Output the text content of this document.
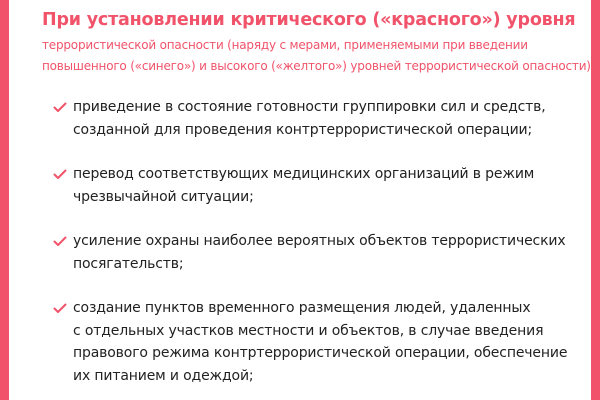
При установлении критического («красного») уровня
террористической опасности (наряду с мерами, применяемыми при введении
повышенного («синего») и высокого («желтого») уровней террористической опасности):
приведение в состояние готовности группировки сил и средств,
созданной для проведения контртеррористической операции;
перевод соответствующих медицинских организаций в режим
чрезвычайной ситуации;
усиление охраны наиболее вероятных объектов террористических
посягательств;
создание пунктов временного размещения людей, удаленных
с отдельных участков местности и объектов, в случае введения
правового режима контртеррористической операции, обеспечение
их питанием и одеждой;
